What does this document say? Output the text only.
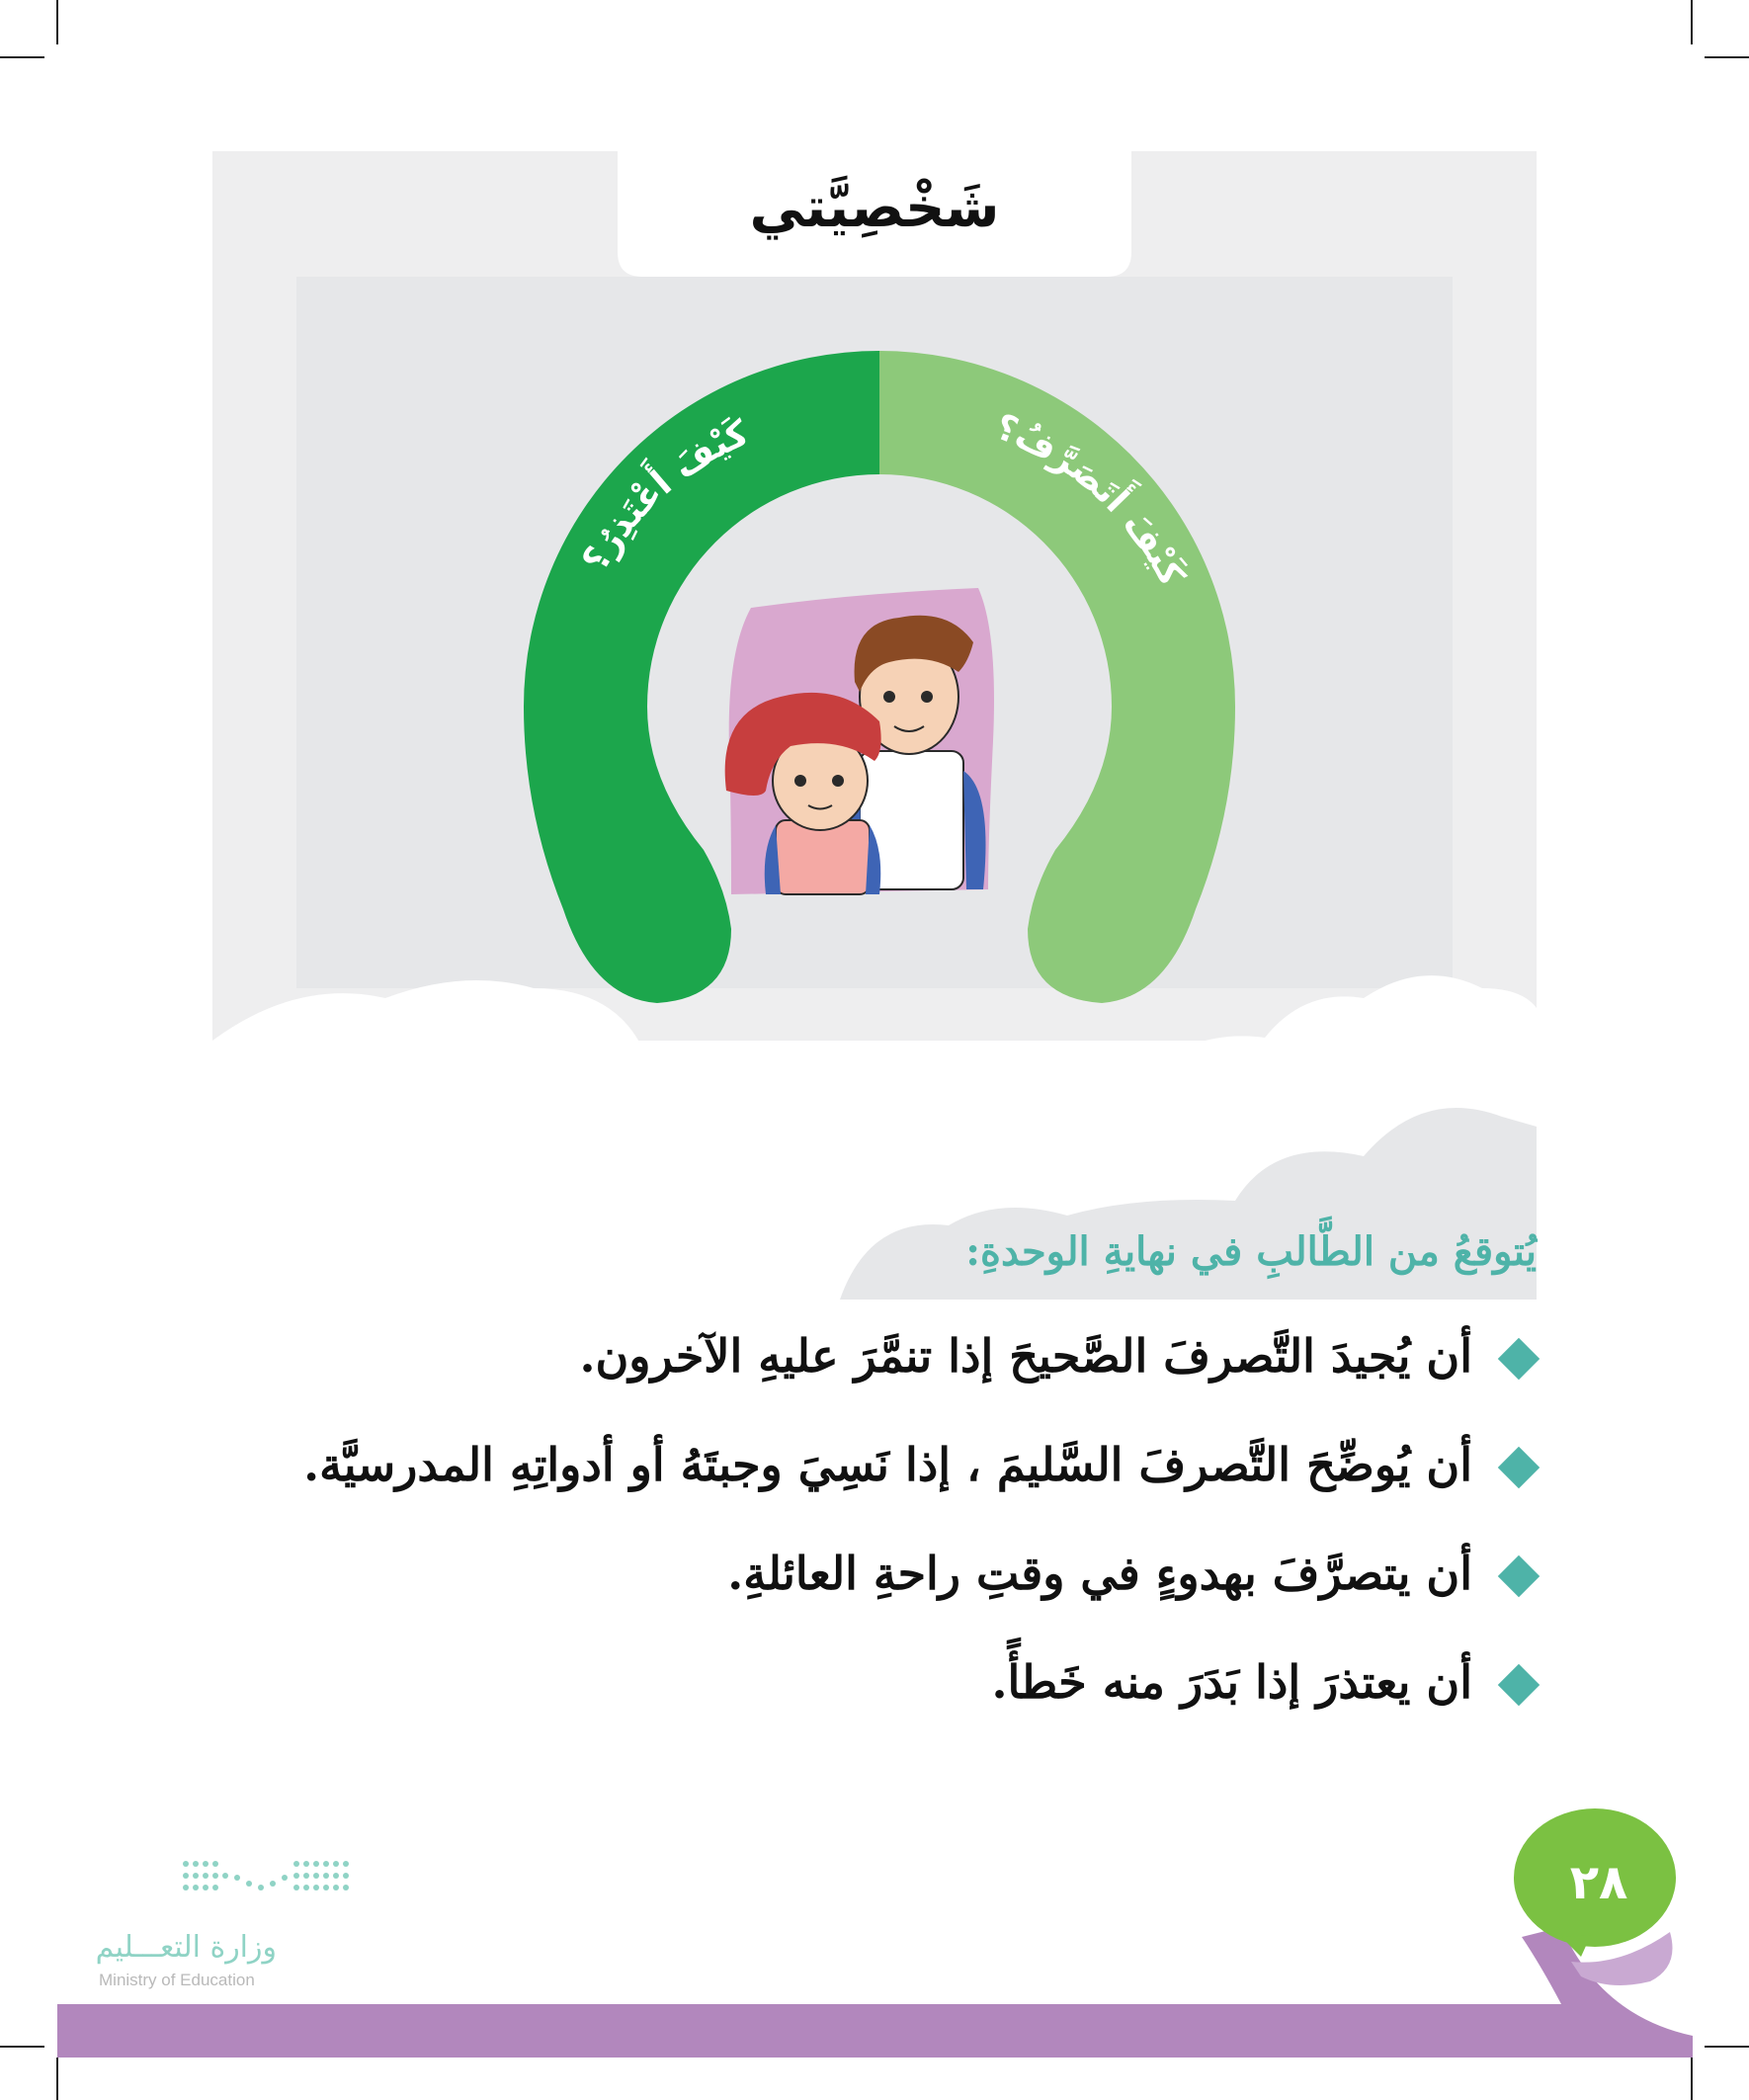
كَيْفَ أَعْتَذِرُ؟	كَيْفَ أَتَصَرَّفُ؟
شَخْصِيَّتي
يُتوقعُ من الطَّالبِ في نهايةِ الوحدةِ:
أن يُجيدَ التَّصرفَ الصَّحيحَ إذا تنمَّرَ عليهِ الآخرون.
أن يُوضِّحَ التَّصرفَ السَّليمَ ، إذا نَسِيَ وجبتَهُ أو أدواتِهِ المدرسيَّة.
أن يتصرَّفَ بهدوءٍ في وقتِ راحةِ العائلةِ.
أن يعتذرَ إذا بَدَرَ منه خَطأً.
٢٨
وزارة التعـــليم
Ministry of Education
